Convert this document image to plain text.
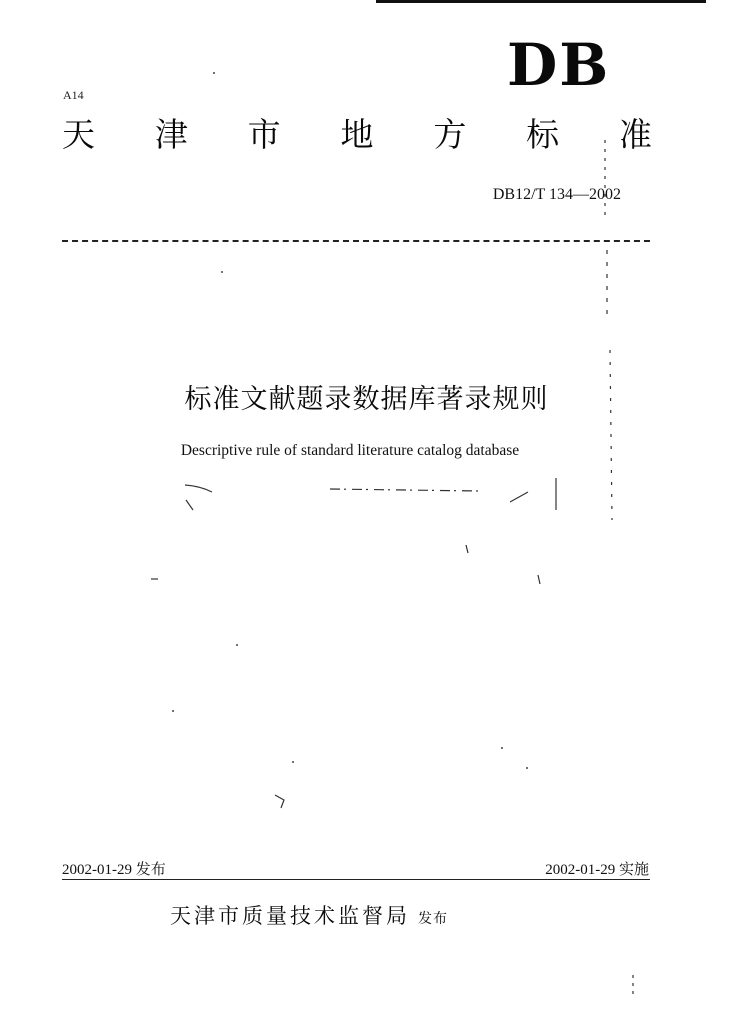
DB
A14
天 津 市 地 方 标 准
DB12/T 134—2002
标准文献题录数据库著录规则
Descriptive rule of standard literature catalog database
2002-01-29 发布	2002-01-29 实施
天津市质量技术监督局 发布
